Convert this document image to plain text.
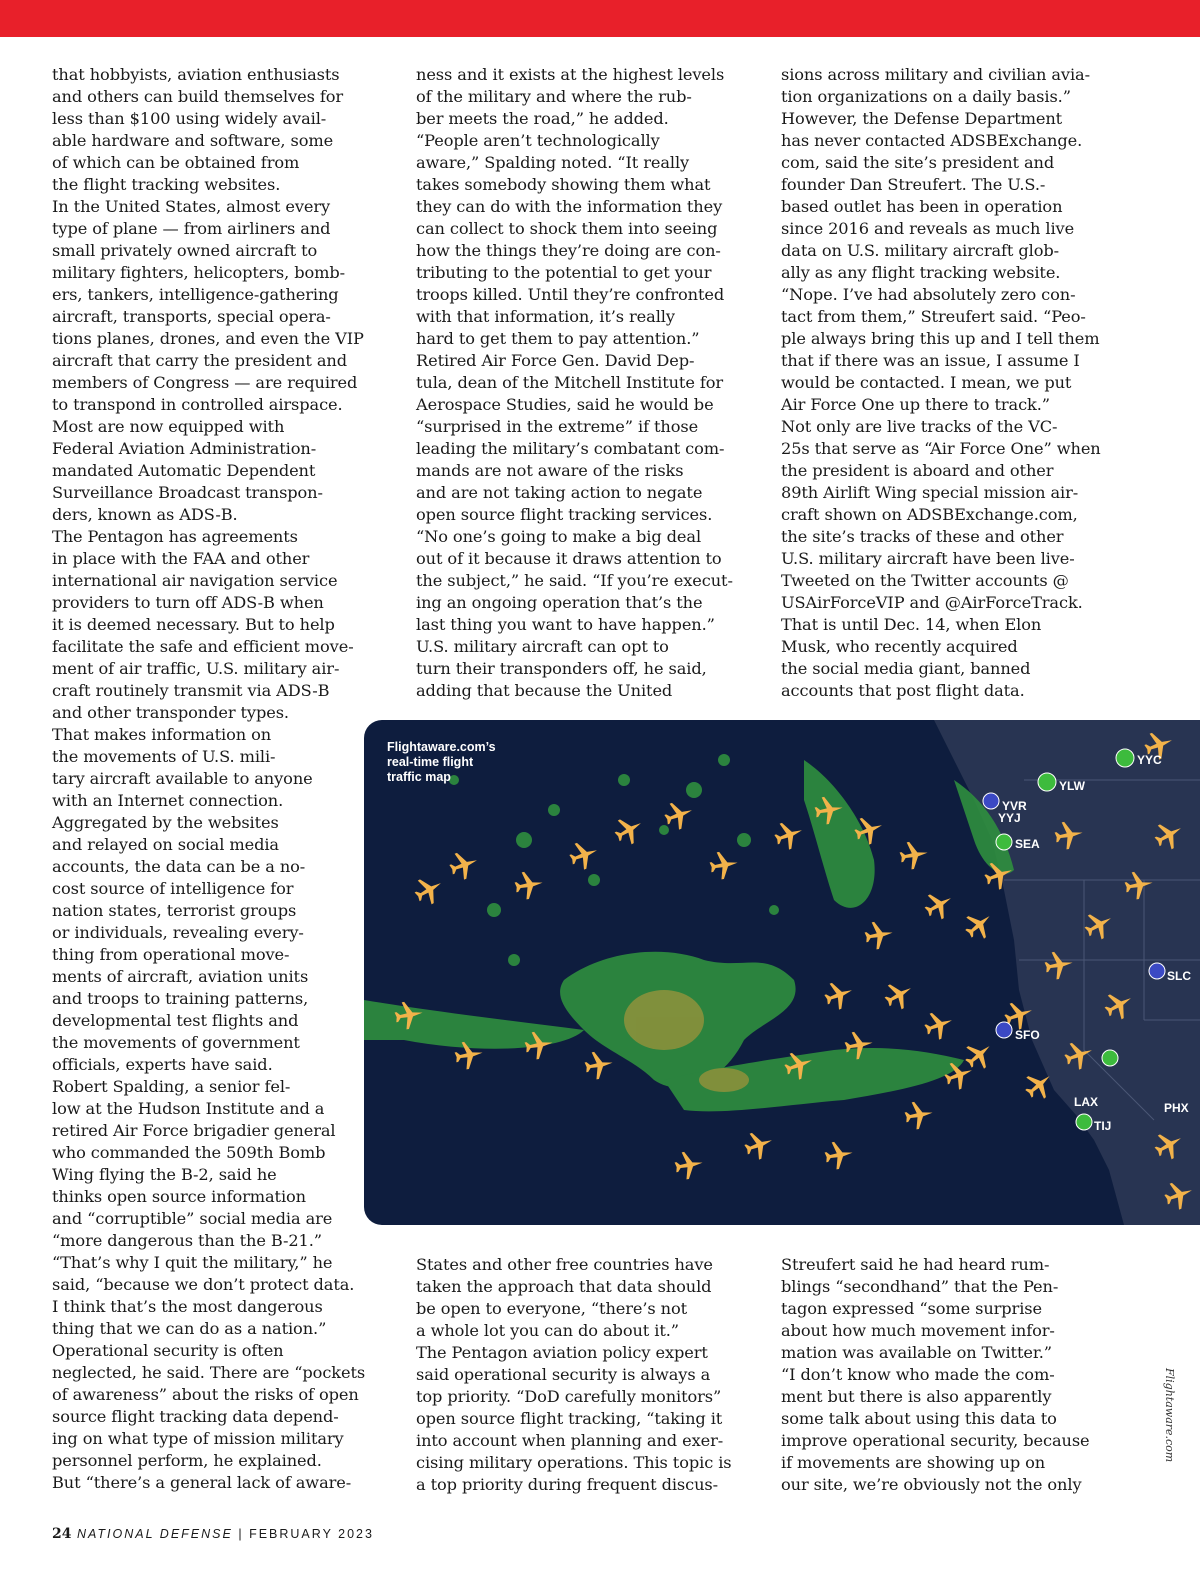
that hobbyists, aviation enthusiasts
and others can build themselves for
less than $100 using widely avail-
able hardware and software, some
of which can be obtained from
the flight tracking websites.
In the United States, almost every
type of plane — from airliners and
small privately owned aircraft to
military fighters, helicopters, bomb-
ers, tankers, intelligence-gathering
aircraft, transports, special opera-
tions planes, drones, and even the VIP
aircraft that carry the president and
members of Congress — are required
to transpond in controlled airspace.
Most are now equipped with
Federal Aviation Administration-
mandated Automatic Dependent
Surveillance Broadcast transpon-
ders, known as ADS-B.
The Pentagon has agreements
in place with the FAA and other
international air navigation service
providers to turn off ADS-B when
it is deemed necessary. But to help
facilitate the safe and efficient move-
ment of air traffic, U.S. military air-
craft routinely transmit via ADS-B
and other transponder types.
That makes information on
the movements of U.S. mili-
tary aircraft available to anyone
with an Internet connection.
Aggregated by the websites
and relayed on social media
accounts, the data can be a no-
cost source of intelligence for
nation states, terrorist groups
or individuals, revealing every-
thing from operational move-
ments of aircraft, aviation units
and troops to training patterns,
developmental test flights and
the movements of government
officials, experts have said.
Robert Spalding, a senior fel-
low at the Hudson Institute and a
retired Air Force brigadier general
who commanded the 509th Bomb
Wing flying the B-2, said he
thinks open source information
and “corruptible” social media are
“more dangerous than the B-21.”
“That’s why I quit the military,” he
said, “because we don’t protect data.
I think that’s the most dangerous
thing that we can do as a nation.”
Operational security is often
neglected, he said. There are “pockets
of awareness” about the risks of open
source flight tracking data depend-
ing on what type of mission military
personnel perform, he explained.
But “there’s a general lack of aware-
ness and it exists at the highest levels
of the military and where the rub-
ber meets the road,” he added.
“People aren’t technologically
aware,” Spalding noted. “It really
takes somebody showing them what
they can do with the information they
can collect to shock them into seeing
how the things they’re doing are con-
tributing to the potential to get your
troops killed. Until they’re confronted
with that information, it’s really
hard to get them to pay attention.”
Retired Air Force Gen. David Dep-
tula, dean of the Mitchell Institute for
Aerospace Studies, said he would be
“surprised in the extreme” if those
leading the military’s combatant com-
mands are not aware of the risks
and are not taking action to negate
open source flight tracking services.
“No one’s going to make a big deal
out of it because it draws attention to
the subject,” he said. “If you’re execut-
ing an ongoing operation that’s the
last thing you want to have happen.”
U.S. military aircraft can opt to
turn their transponders off, he said,
adding that because the United
sions across military and civilian avia-
tion organizations on a daily basis.”
However, the Defense Department
has never contacted ADSBExchange.
com, said the site’s president and
founder Dan Streufert. The U.S.-
based outlet has been in operation
since 2016 and reveals as much live
data on U.S. military aircraft glob-
ally as any flight tracking website.
“Nope. I’ve had absolutely zero con-
tact from them,” Streufert said. “Peo-
ple always bring this up and I tell them
that if there was an issue, I assume I
would be contacted. I mean, we put
Air Force One up there to track.”
Not only are live tracks of the VC-
25s that serve as “Air Force One” when
the president is aboard and other
89th Airlift Wing special mission air-
craft shown on ADSBExchange.com,
the site’s tracks of these and other
U.S. military aircraft have been live-
Tweeted on the Twitter accounts @
USAirForceVIP and @AirForceTrack.
That is until Dec. 14, when Elon
Musk, who recently acquired
the social media giant, banned
accounts that post flight data.
States and other free countries have
taken the approach that data should
be open to everyone, “there’s not
a whole lot you can do about it.”
The Pentagon aviation policy expert
said operational security is always a
top priority. “DoD carefully monitors”
open source flight tracking, “taking it
into account when planning and exer-
cising military operations. This topic is
a top priority during frequent discus-
Streufert said he had heard rum-
blings “secondhand” that the Pen-
tagon expressed “some surprise
about how much movement infor-
mation was available on Twitter.”
“I don’t know who made the com-
ment but there is also apparently
some talk about using this data to
improve operational security, because
if movements are showing up on
our site, we’re obviously not the only
YYC
YLW
YVR
YYJ
SEA
SLC
SFO
LAX	PHX
TIJ
Flightaware.com’s
real-time flight
traffic map
Flightaware.com
24 NATIONAL DEFENSE | FEBRUARY 2023
